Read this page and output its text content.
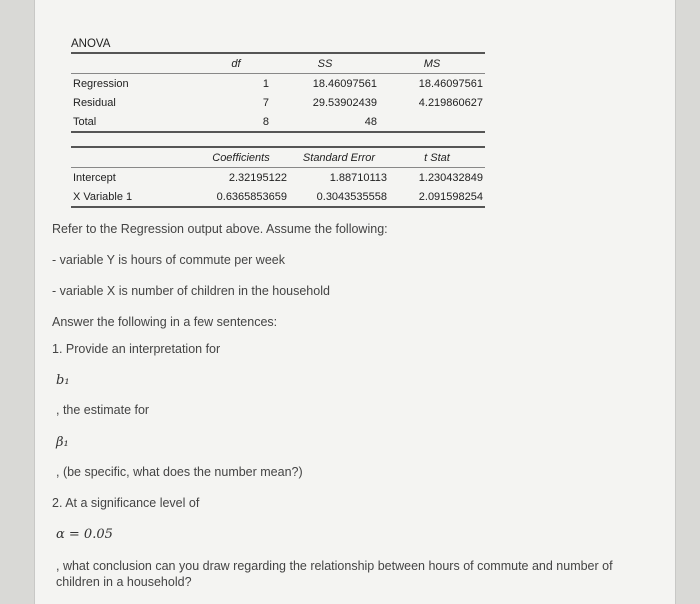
ANOVA
	df	SS	MS
Regression	1	18.46097561	18.46097561
Residual	7	29.53902439	4.219860627
Total	8	48	
	Coefficients	Standard Error	t Stat
Intercept	2.32195122	1.88710113	1.230432849
X Variable 1	0.6365853659	0.3043535558	2.091598254
Refer to the Regression output above. Assume the following:
- variable Y is hours of commute per week
- variable X is number of children in the household
Answer the following in a few sentences:
1. Provide an interpretation for
b₁
, the estimate for
β₁
, (be specific, what does the number mean?)
2. At a significance level of
α = 0.05
, what conclusion can you draw regarding the relationship between hours of commute and number of children in a household?
